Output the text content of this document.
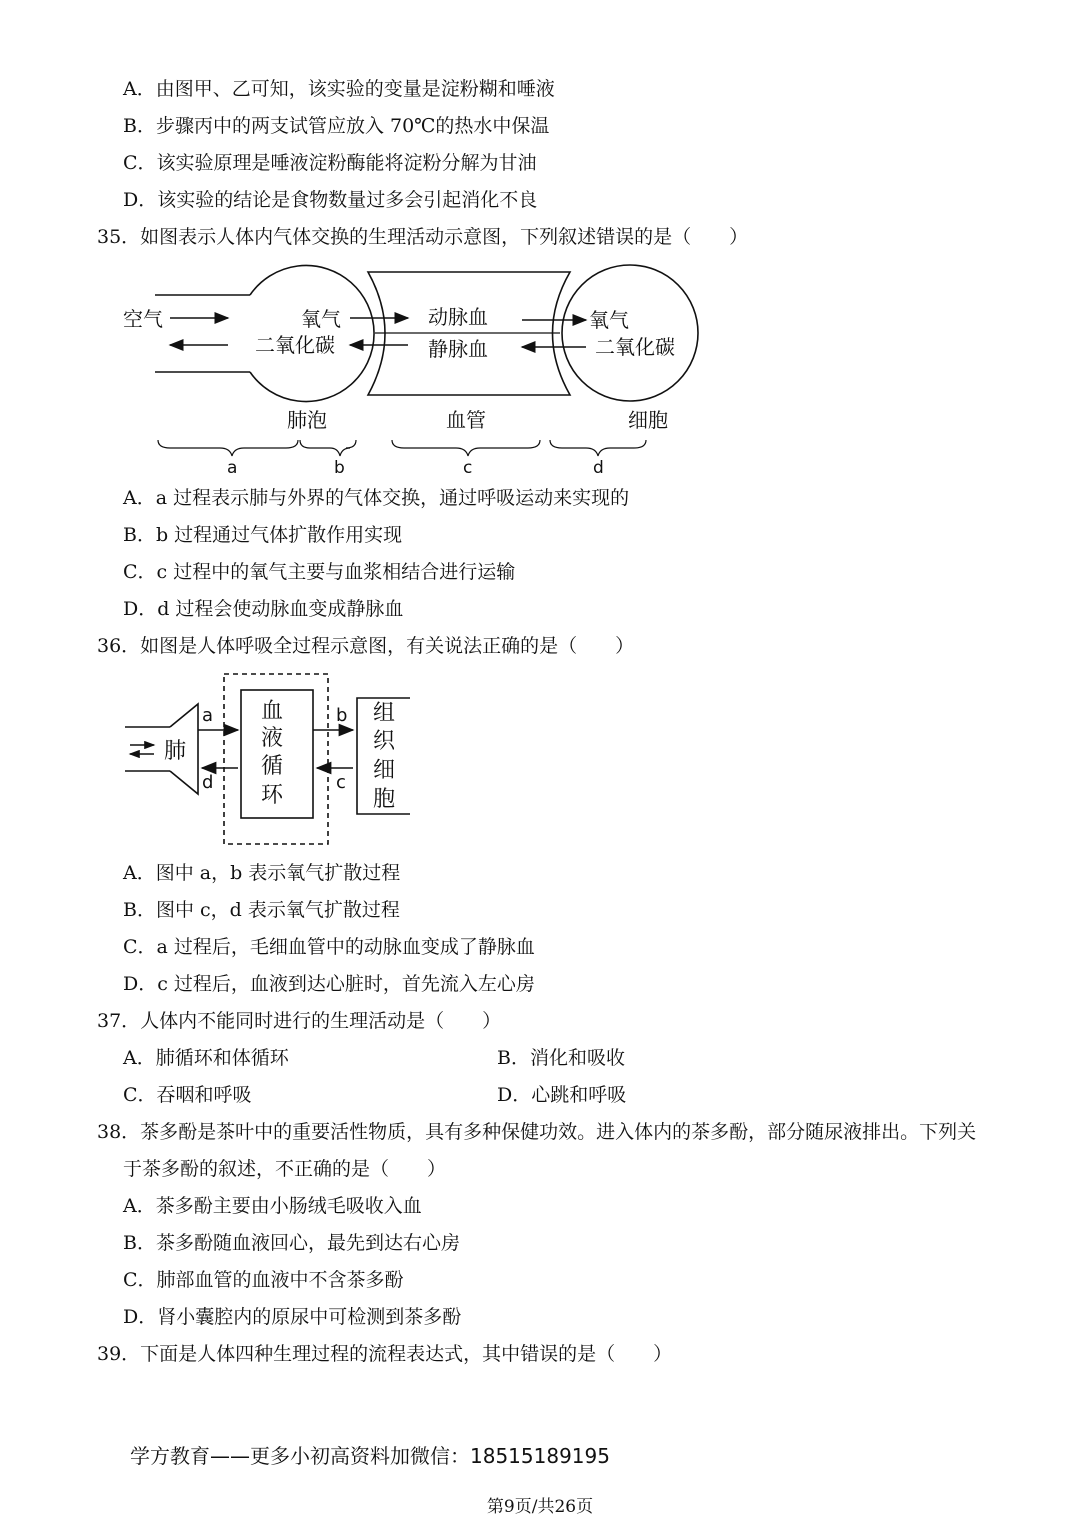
A．由图甲、乙可知，该实验的变量是淀粉糊和唾液
B．步骤丙中的两支试管应放入 70℃的热水中保温
C．该实验原理是唾液淀粉酶能将淀粉分解为甘油
D．该实验的结论是食物数量过多会引起消化不良
35．如图表示人体内气体交换的生理活动示意图，下列叙述错误的是（　　）
空气	氧气
二氧化碳
动脉血
静脉血
氧气
二氧化碳
肺泡	血管	细胞
a	b	c	d
A．a 过程表示肺与外界的气体交换，通过呼吸运动来实现的
B．b 过程通过气体扩散作用实现
C．c 过程中的氧气主要与血浆相结合进行运输
D．d 过程会使动脉血变成静脉血
36．如图是人体呼吸全过程示意图，有关说法正确的是（　　）
肺
血
液
循
环
组
织
细
胞
a
d
b
c
A．图中 a，b 表示氧气扩散过程
B．图中 c，d 表示氧气扩散过程
C．a 过程后，毛细血管中的动脉血变成了静脉血
D．c 过程后，血液到达心脏时，首先流入左心房
37．人体内不能同时进行的生理活动是（　　）
A．肺循环和体循环	B．消化和吸收
C．吞咽和呼吸	D．心跳和呼吸
38．茶多酚是茶叶中的重要活性物质，具有多种保健功效。进入体内的茶多酚，部分随尿液排出。下列关
于茶多酚的叙述，不正确的是（　　）
A．茶多酚主要由小肠绒毛吸收入血
B．茶多酚随血液回心，最先到达右心房
C．肺部血管的血液中不含茶多酚
D．肾小囊腔内的原尿中可检测到茶多酚
39．下面是人体四种生理过程的流程表达式，其中错误的是（　　）
学方教育——更多小初高资料加微信：18515189195
第9页/共26页
